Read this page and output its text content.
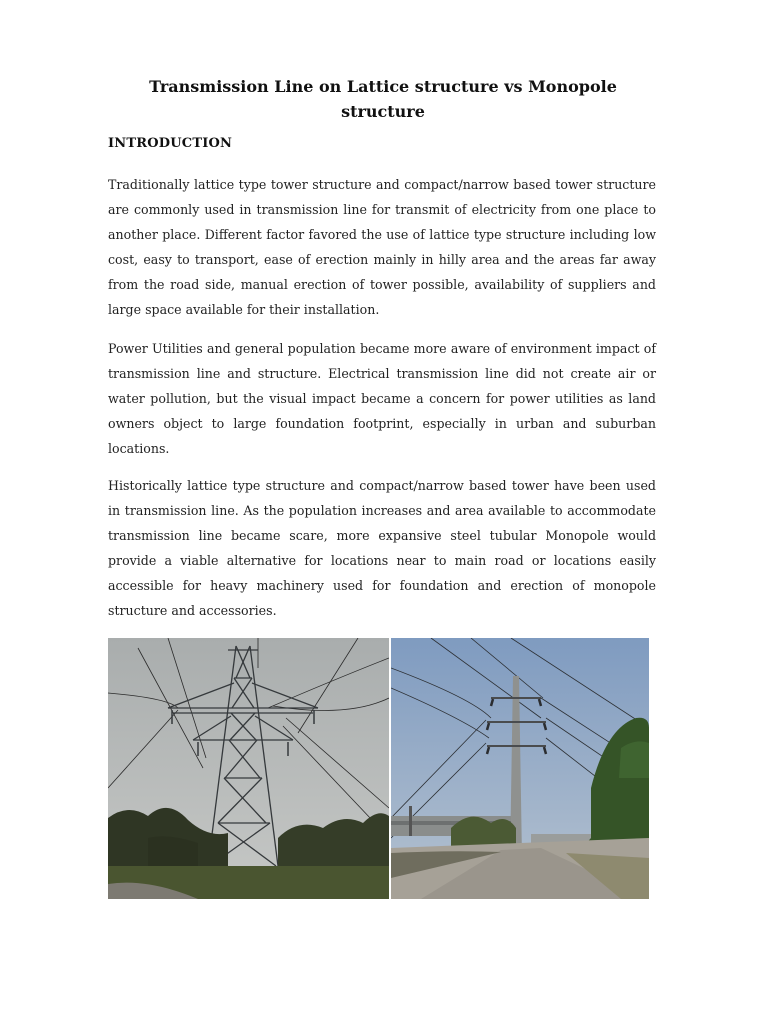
Transmission Line on Lattice structure vs Monopole structure
INTRODUCTION

Traditionally lattice type tower structure and compact/narrow based tower structure are commonly used in transmission line for transmit of electricity from one place to another place. Different factor favored the use of lattice type structure including low cost, easy to transport, ease of erection mainly in hilly area and the areas far away from the road side, manual erection of tower possible, availability of suppliers and large space available for their installation.

Power Utilities and general population became more aware of environment impact of transmission line and structure. Electrical transmission line did not create air or water pollution, but the visual impact became a concern for power utilities as land owners object to large foundation footprint, especially in urban and suburban locations.

Historically lattice type structure and compact/narrow based tower have been used in transmission line. As the population increases and area available to accommodate transmission line became scare, more expansive steel tubular Monopole would provide a viable alternative for locations near to main road or locations easily accessible for heavy machinery used for foundation and erection of monopole structure and accessories.
